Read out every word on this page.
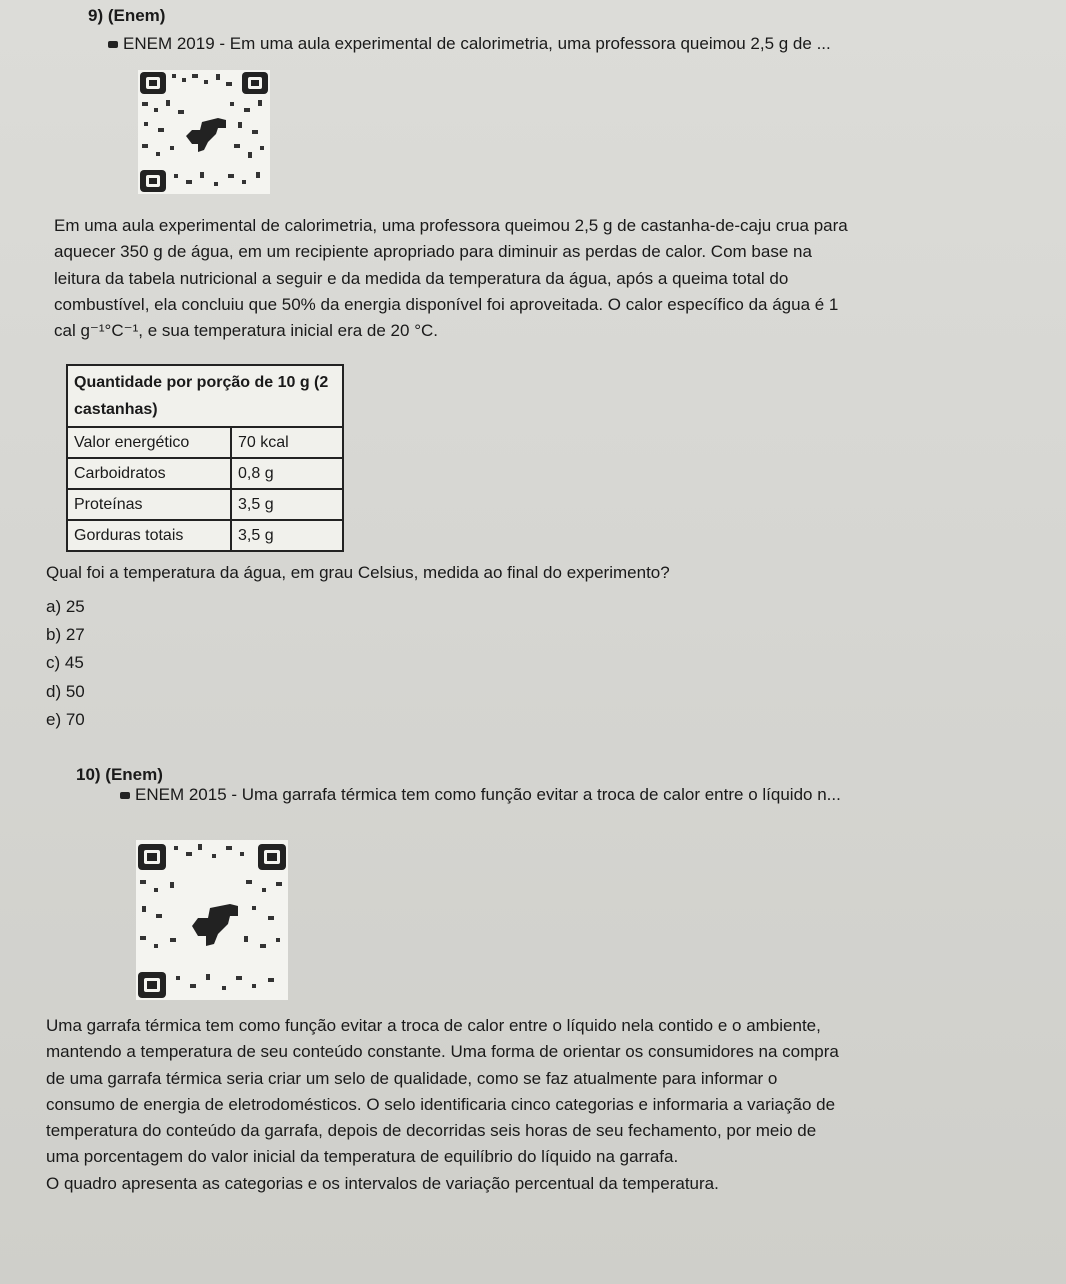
9) (Enem)
ENEM 2019 - Em uma aula experimental de calorimetria, uma professora queimou 2,5 g de ...
Em uma aula experimental de calorimetria, uma professora queimou 2,5 g de castanha-de-caju crua para
aquecer 350 g de água, em um recipiente apropriado para diminuir as perdas de calor. Com base na
leitura da tabela nutricional a seguir e da medida da temperatura da água, após a queima total do
combustível, ela concluiu que 50% da energia disponível foi aproveitada. O calor específico da água é 1
cal g⁻¹°C⁻¹, e sua temperatura inicial era de 20 °C.
Quantidade por porção de 10 g (2 castanhas)	
Valor energético	70 kcal
Carboidratos	0,8 g
Proteínas	3,5 g
Gorduras totais	3,5 g
Qual foi a temperatura da água, em grau Celsius, medida ao final do experimento?
a) 25
b) 27
c) 45
d) 50
e) 70
10) (Enem)
ENEM 2015 - Uma garrafa térmica tem como função evitar a troca de calor entre o líquido n...
Uma garrafa térmica tem como função evitar a troca de calor entre o líquido nela contido e o ambiente,
mantendo a temperatura de seu conteúdo constante. Uma forma de orientar os consumidores na compra
de uma garrafa térmica seria criar um selo de qualidade, como se faz atualmente para informar o
consumo de energia de eletrodomésticos. O selo identificaria cinco categorias e informaria a variação de
temperatura do conteúdo da garrafa, depois de decorridas seis horas de seu fechamento, por meio de
uma porcentagem do valor inicial da temperatura de equilíbrio do líquido na garrafa.
O quadro apresenta as categorias e os intervalos de variação percentual da temperatura.
